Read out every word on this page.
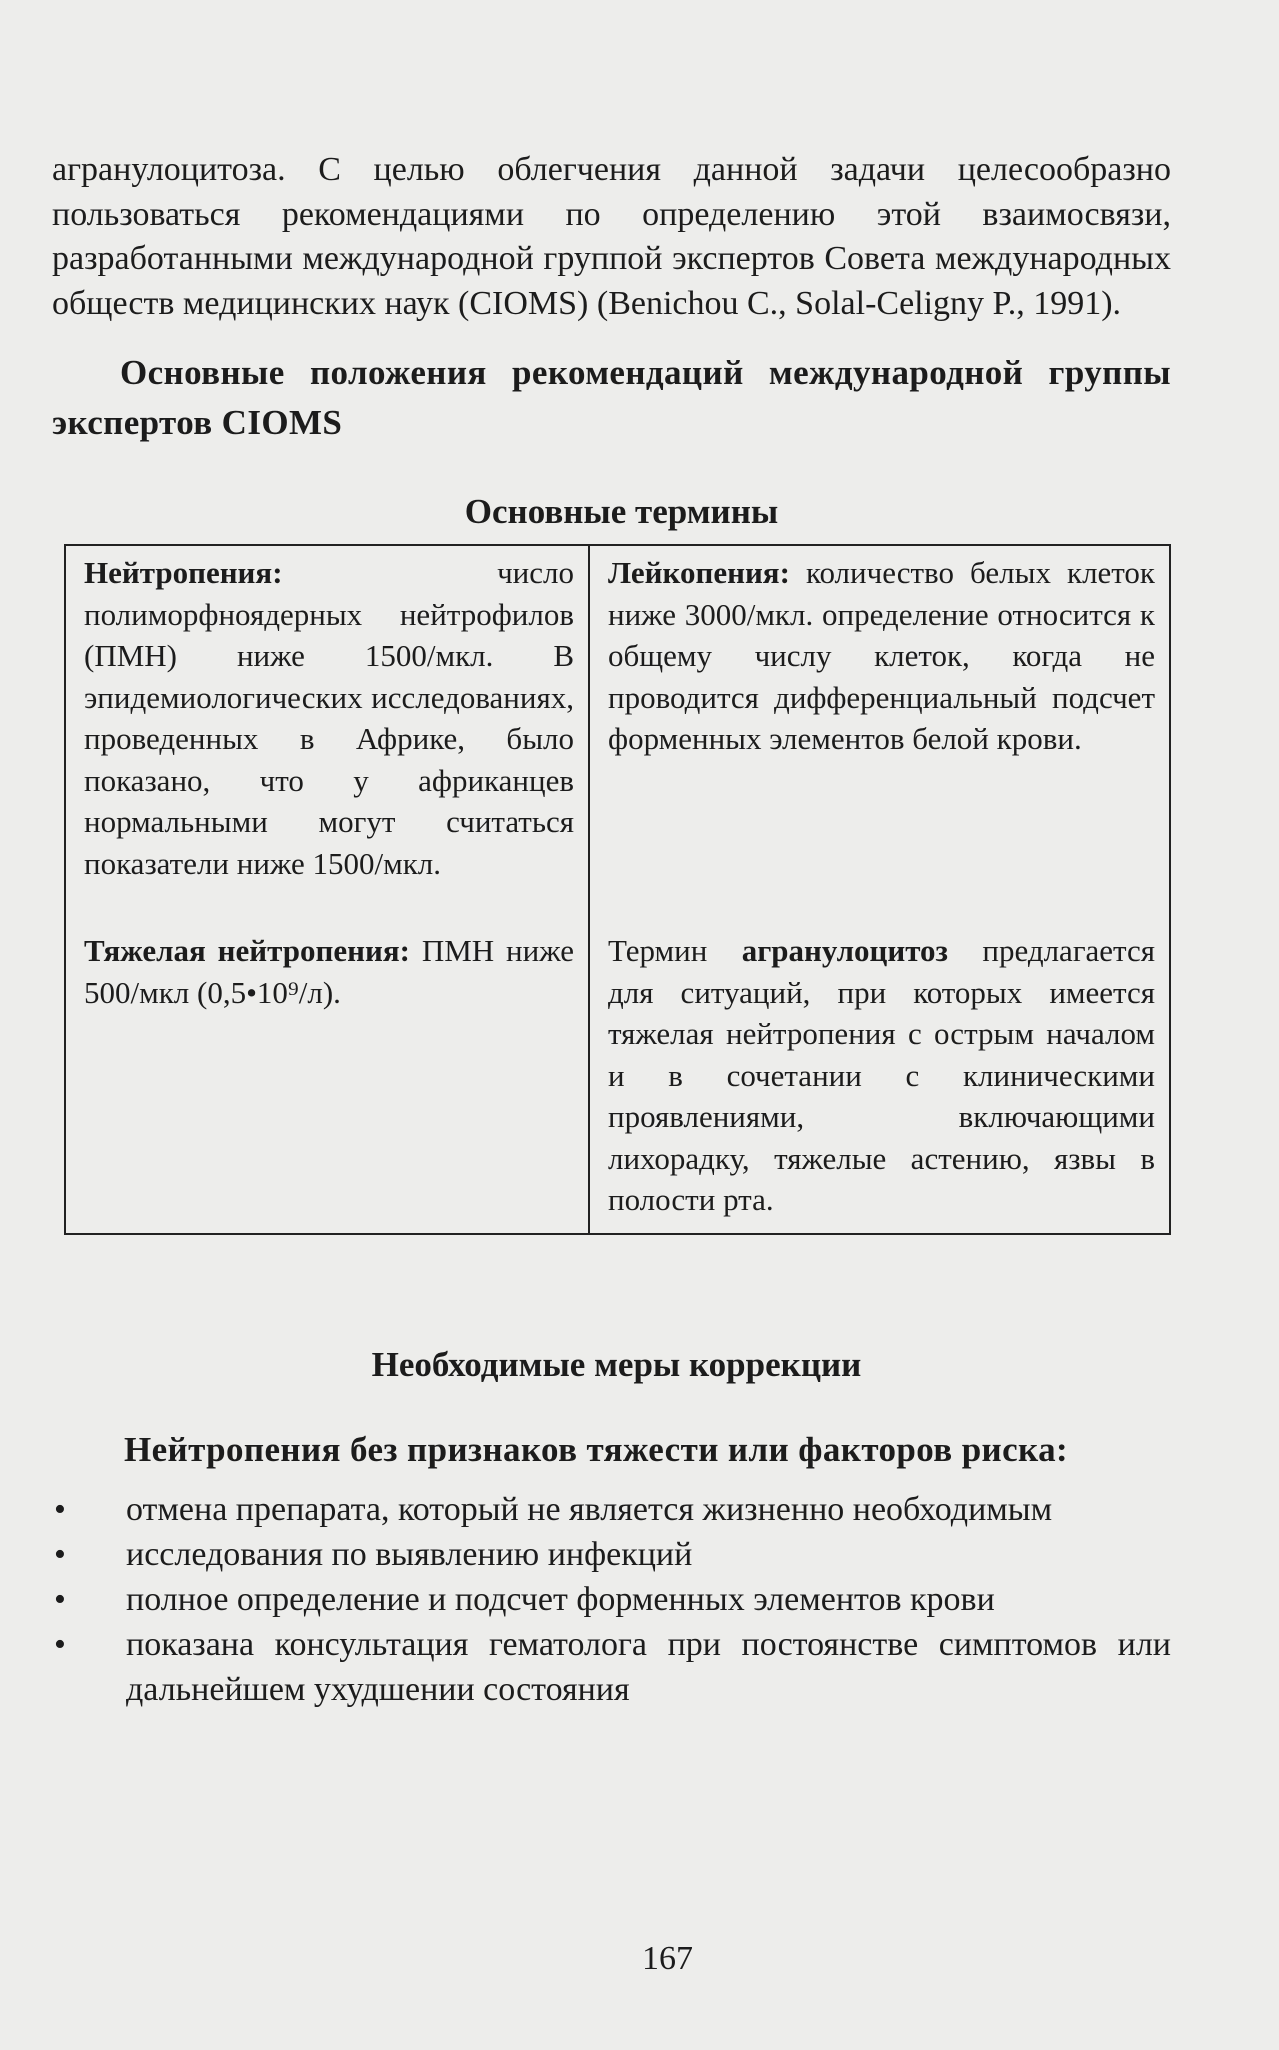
агранулоцитоза. С целью облегчения данной задачи целесообразно пользоваться рекомендациями по определению этой взаимосвязи, разработанными международной группой экспертов Совета международных обществ медицинских наук (CIOMS) (Benichou C., Solal-Celigny P., 1991).

Основные положения рекомендаций международной группы экспертов CIOMS

Основные термины

Нейтропения: число полиморфноядерных нейтрофилов (ПМН) ниже 1500/мкл. В эпидемиологических исследованиях, проведенных в Африке, было показано, что у африканцев нормальными могут считаться показатели ниже 1500/мкл.	Лейкопения: количество белых клеток ниже 3000/мкл. определение относится к общему числу клеток, когда не проводится дифференциальный подсчет форменных элементов белой крови.
Тяжелая нейтропения: ПМН ниже 500/мкл (0,5•10⁹/л).	Термин агранулоцитоз предлагается для ситуаций, при которых имеется тяжелая нейтропения с острым началом и в сочетании с клиническими проявлениями, включающими лихорадку, тяжелые астению, язвы в полости рта.

Необходимые меры коррекции

Нейтропения без признаков тяжести или факторов риска:

• отмена препарата, который не является жизненно необходимым
• исследования по выявлению инфекций
• полное определение и подсчет форменных элементов крови
• показана консультация гематолога при постоянстве симптомов или дальнейшем ухудшении состояния
167
